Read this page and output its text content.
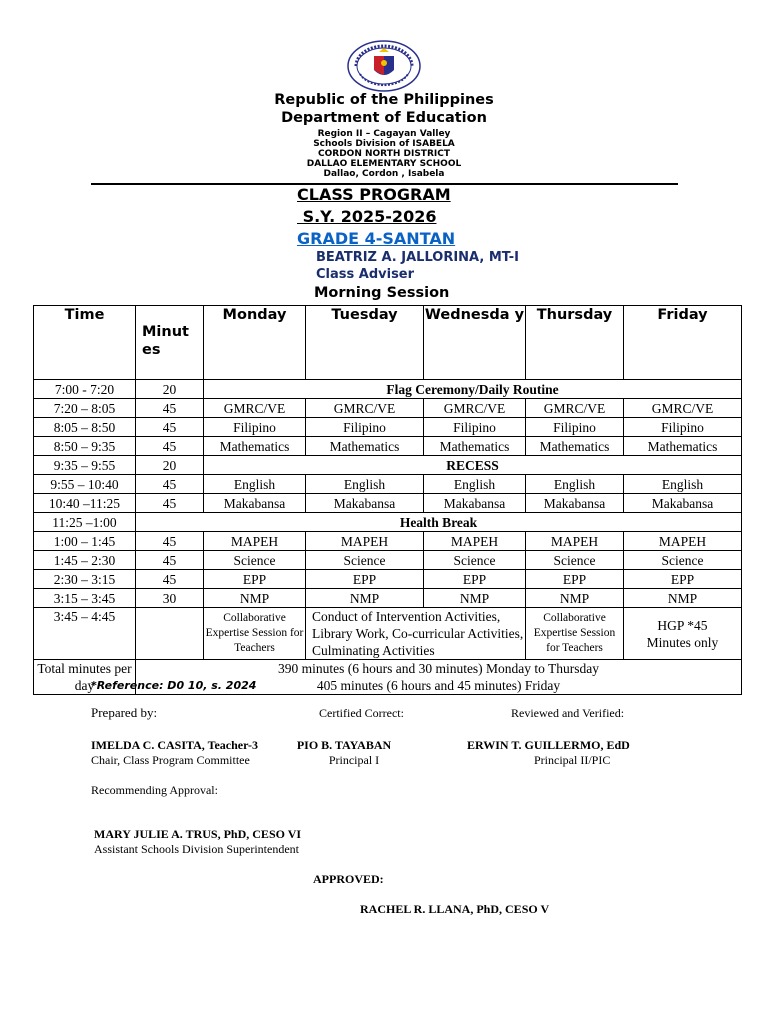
Republic of the Philippines
Department of Education
Region II – Cagayan Valley
Schools Division of ISABELA
CORDON NORTH DISTRICT
DALLAO ELEMENTARY SCHOOL
Dallao, Cordon , Isabela
CLASS PROGRAM
S.Y. 2025-2026
GRADE 4-SANTAN
BEATRIZ A. JALLORINA, MT-I
Class Adviser
Morning Session
Time	Minut es	Monday	Tuesday	Wednesda y	Thursday	Friday
7:00 - 7:20	20	Flag Ceremony/Daily Routine				
7:20 – 8:05	45	GMRC/VE	GMRC/VE	GMRC/VE	GMRC/VE	GMRC/VE
8:05 – 8:50	45	Filipino	Filipino	Filipino	Filipino	Filipino
8:50 – 9:35	45	Mathematics	Mathematics	Mathematics	Mathematics	Mathematics
9:35 – 9:55	20	RECESS				
9:55 – 10:40	45	English	English	English	English	English
10:40 –11:25	45	Makabansa	Makabansa	Makabansa	Makabansa	Makabansa
11:25 –1:00	Health Break					
1:00 – 1:45	45	MAPEH	MAPEH	MAPEH	MAPEH	MAPEH
1:45 – 2:30	45	Science	Science	Science	Science	Science
2:30 – 3:15	45	EPP	EPP	EPP	EPP	EPP
3:15 – 3:45	30	NMP	NMP	NMP	NMP	NMP
3:45 – 4:45		Collaborative Expertise Session for Teachers	Conduct of Intervention Activities, Library Work, Co-curricular Activities, Culminating Activities		Collaborative Expertise Session for Teachers	HGP *45 Minutes only
Total minutes per day	390 minutes (6 hours and 30 minutes) Monday to Thursday
405 minutes (6 hours and 45 minutes) Friday					
*Reference: D0 10, s. 2024
Prepared by:	Certified Correct:	Reviewed and Verified:
IMELDA C. CASITA, Teacher-3
Chair, Class Program Committee
PIO B. TAYABAN
Principal I
ERWIN T. GUILLERMO, EdD
Principal II/PIC
Recommending Approval:
MARY JULIE A. TRUS, PhD, CESO VI
Assistant Schools Division Superintendent
APPROVED:
RACHEL R. LLANA, PhD, CESO V
